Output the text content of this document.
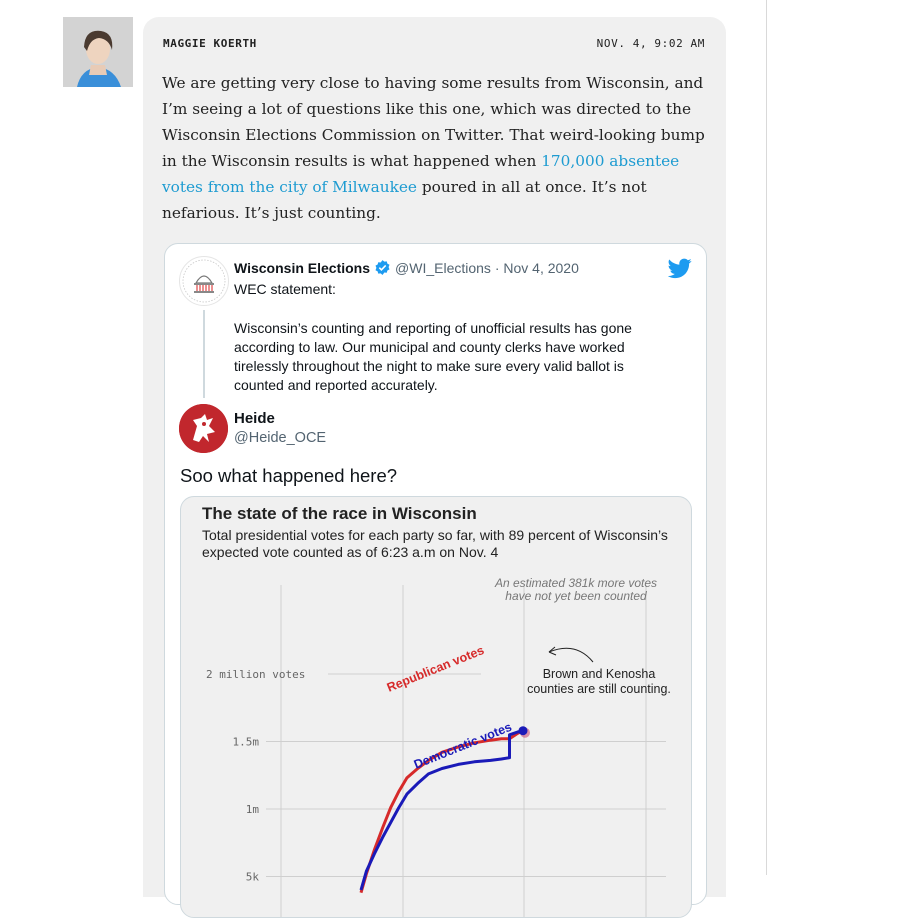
MAGGIE KOERTH	NOV. 4, 9:02 AM
We are getting very close to having some results from Wisconsin, and I’m seeing a lot of questions like this one, which was directed to the Wisconsin Elections Commission on Twitter. That weird-looking bump in the Wisconsin results is what happened when 170,000 absentee votes from the city of Milwaukee poured in all at once. It’s not nefarious. It’s just counting.
Wisconsin Elections @WI_Elections · Nov 4, 2020
WEC statement:
Wisconsin’s counting and reporting of unofficial results has gone according to law. Our municipal and county clerks have worked tirelessly throughout the night to make sure every valid ballot is counted and reported accurately.
Heide
@Heide_OCE
Soo what happened here?
The state of the race in Wisconsin
Total presidential votes for each party so far, with 89 percent of Wisconsin’s expected vote counted as of 6:23 a.m on Nov. 4
2 million votes
1.5m
1m
5k
An estimated 381k more votes
have not yet been counted
Republican votes
Democratic votes
Brown and Kenosha
counties are still counting.
